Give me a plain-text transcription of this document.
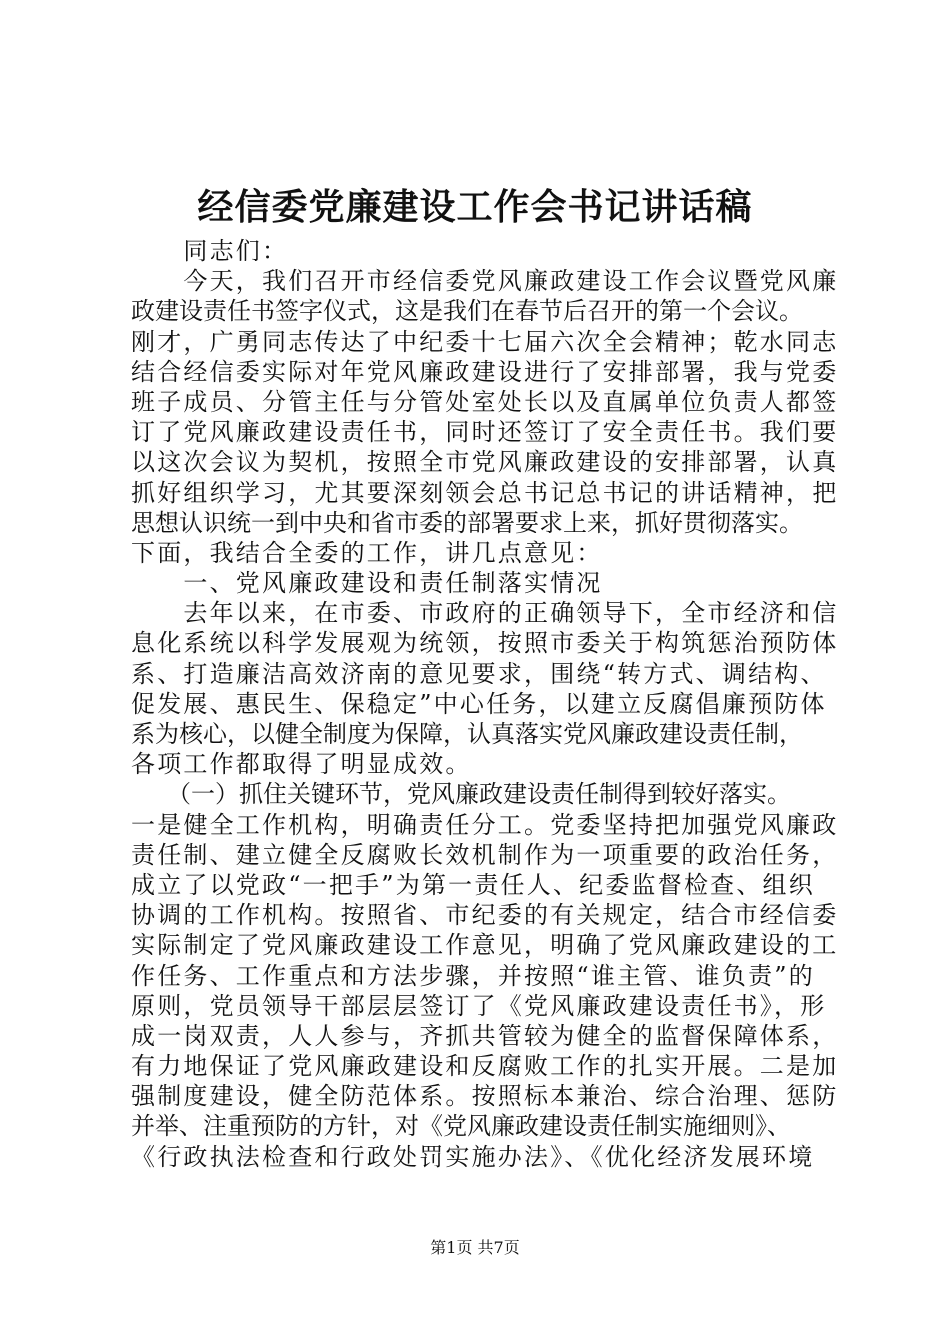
经信委党廉建设工作会书记讲话稿
　　同志们：
　　今天，我们召开市经信委党风廉政建设工作会议暨党风廉
政建设责任书签字仪式，这是我们在春节后召开的第一个会议。
刚才，广勇同志传达了中纪委十七届六次全会精神；乾水同志
结合经信委实际对年党风廉政建设进行了安排部署，我与党委
班子成员、分管主任与分管处室处长以及直属单位负责人都签
订了党风廉政建设责任书，同时还签订了安全责任书。我们要
以这次会议为契机，按照全市党风廉政建设的安排部署，认真
抓好组织学习，尤其要深刻领会总书记总书记的讲话精神，把
思想认识统一到中央和省市委的部署要求上来，抓好贯彻落实。
下面，我结合全委的工作，讲几点意见：
　　一、党风廉政建设和责任制落实情况
　　去年以来，在市委、市政府的正确领导下，全市经济和信
息化系统以科学发展观为统领，按照市委关于构筑惩治预防体
系、打造廉洁高效济南的意见要求，围绕“转方式、调结构、
促发展、惠民生、保稳定”中心任务，以建立反腐倡廉预防体
系为核心，以健全制度为保障，认真落实党风廉政建设责任制，
各项工作都取得了明显成效。
　　（一）抓住关键环节，党风廉政建设责任制得到较好落实。
一是健全工作机构，明确责任分工。党委坚持把加强党风廉政
责任制、建立健全反腐败长效机制作为一项重要的政治任务，
成立了以党政“一把手”为第一责任人、纪委监督检查、组织
协调的工作机构。按照省、市纪委的有关规定，结合市经信委
实际制定了党风廉政建设工作意见，明确了党风廉政建设的工
作任务、工作重点和方法步骤，并按照“谁主管、谁负责”的
原则，党员领导干部层层签订了《党风廉政建设责任书》，形
成一岗双责，人人参与，齐抓共管较为健全的监督保障体系，
有力地保证了党风廉政建设和反腐败工作的扎实开展。二是加
强制度建设，健全防范体系。按照标本兼治、综合治理、惩防
并举、注重预防的方针，对《党风廉政建设责任制实施细则》、
《行政执法检查和行政处罚实施办法》、《优化经济发展环境
第1页 共7页
